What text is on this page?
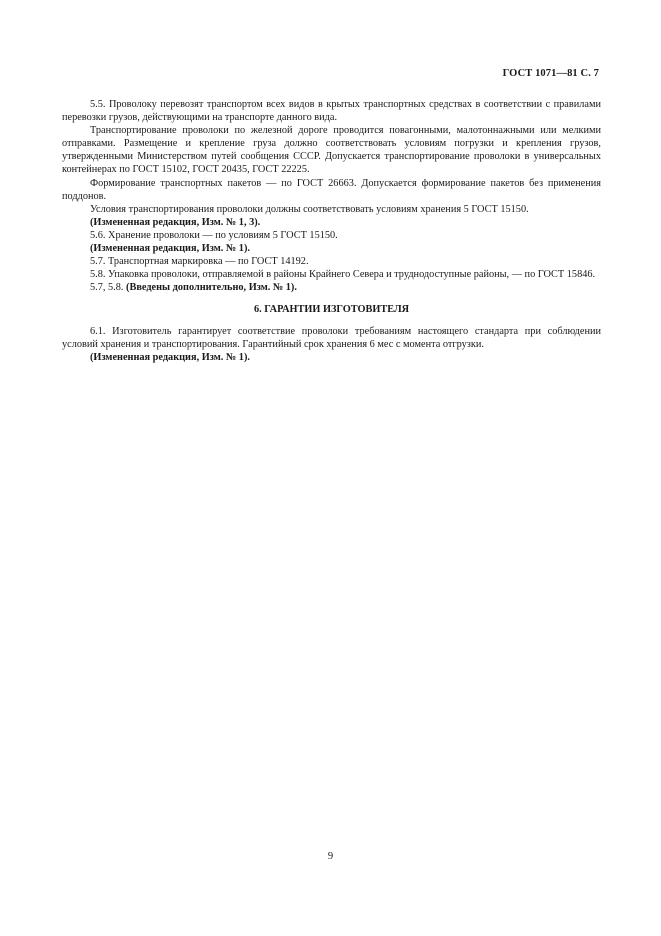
ГОСТ 1071—81 С. 7

5.5. Проволоку перевозят транспортом всех видов в крытых транспортных средствах в соответствии с правилами перевозки грузов, действующими на транспорте данного вида.

Транспортирование проволоки по железной дороге проводится повагонными, малотоннажными или мелкими отправками. Размещение и крепление груза должно соответствовать условиям погрузки и крепления грузов, утвержденными Министерством путей сообщения СССР. Допускается транспортирование проволоки в универсальных контейнерах по ГОСТ 15102, ГОСТ 20435, ГОСТ 22225.

Формирование транспортных пакетов — по ГОСТ 26663. Допускается формирование пакетов без применения поддонов.

Условия транспортирования проволоки должны соответствовать условиям хранения 5 ГОСТ 15150.

(Измененная редакция, Изм. № 1, 3).

5.6. Хранение проволоки — по условиям 5 ГОСТ 15150.

(Измененная редакция, Изм. № 1).

5.7. Транспортная маркировка — по ГОСТ 14192.

5.8. Упаковка проволоки, отправляемой в районы Крайнего Севера и труднодоступные районы, — по ГОСТ 15846.

5.7, 5.8. (Введены дополнительно, Изм. № 1).

6. ГАРАНТИИ ИЗГОТОВИТЕЛЯ

6.1. Изготовитель гарантирует соответствие проволоки требованиям настоящего стандарта при соблюдении условий хранения и транспортирования. Гарантийный срок хранения 6 мес с момента отгрузки.

(Измененная редакция, Изм. № 1).

9
